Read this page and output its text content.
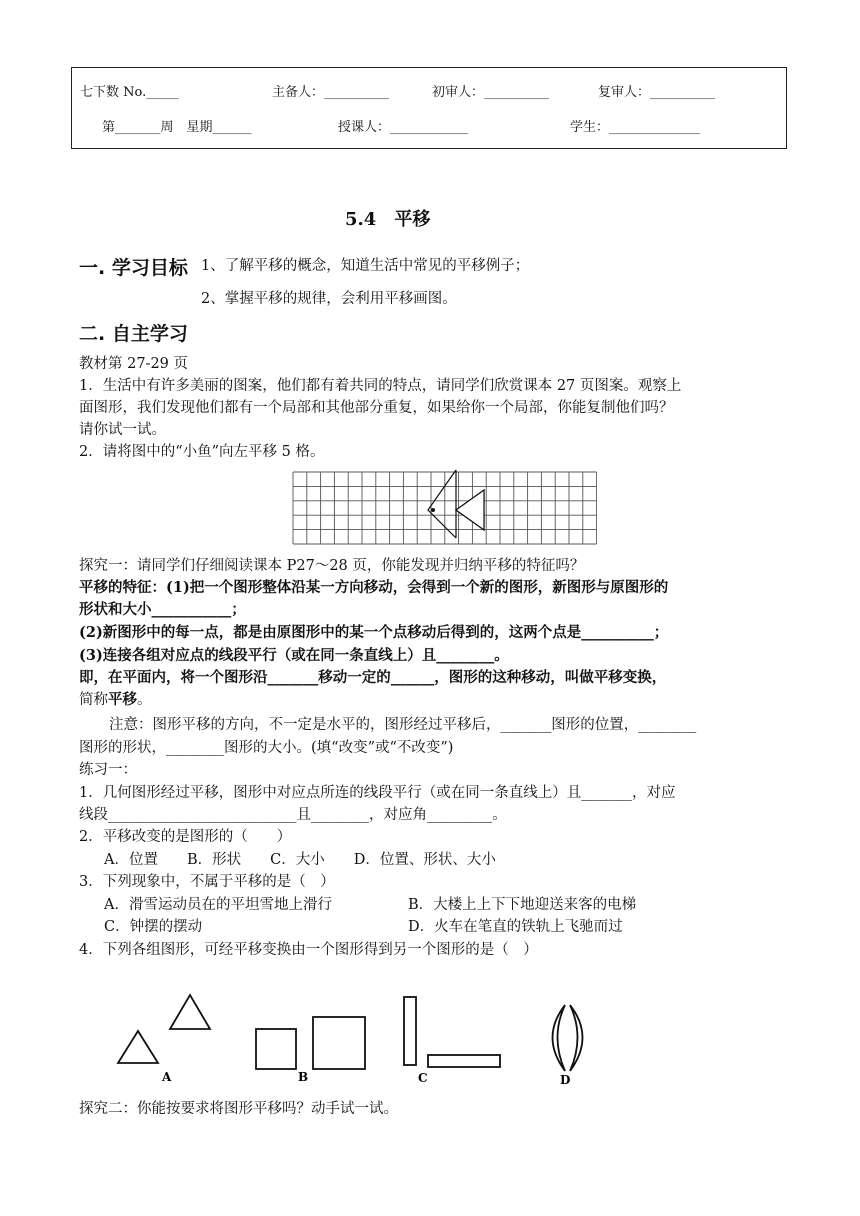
七下数 No._____	主备人：__________	初审人：__________	复审人：__________
第_______周　星期______	授课人：____________	学生：______________
5.4　平移
一. 学习目标 1、了解平移的概念，知道生活中常见的平移例子；
2、掌握平移的规律，会利用平移画图。
二. 自主学习
教材第 27-29 页
1．生活中有许多美丽的图案，他们都有着共同的特点，请同学们欣赏课本 27 页图案。观察上
面图形，我们发现他们都有一个局部和其他部分重复，如果给你一个局部，你能复制他们吗？
请你试一试。
2．请将图中的“小鱼”向左平移 5 格。
探究一：请同学们仔细阅读课本 P27～28 页，你能发现并归纳平移的特征吗？
平移的特征：(1)把一个图形整体沿某一方向移动，会得到一个新的图形，新图形与原图形的
形状和大小___________；
(2)新图形中的每一点，都是由原图形中的某一个点移动后得到的，这两个点是__________；
(3)连接各组对应点的线段平行（或在同一条直线上）且________。
即，在平面内，将一个图形沿_______移动一定的______，图形的这种移动，叫做平移变换，
简称平移。
注意：图形平移的方向，不一定是水平的，图形经过平移后，_______图形的位置，________
图形的形状，________图形的大小。(填“改变”或“不改变”)
练习一：
1．几何图形经过平移，图形中对应点所连的线段平行（或在同一条直线上）且_______，对应
线段__________________________且________，对应角_________。
2．平移改变的是图形的（　　）
A．位置　　B．形状　　C．大小　　D．位置、形状、大小
3．下列现象中，不属于平移的是（　）
A．滑雪运动员在的平坦雪地上滑行	B．大楼上上下下地迎送来客的电梯
C．钟摆的摆动	D．火车在笔直的铁轨上飞驰而过
4．下列各组图形，可经平移变换由一个图形得到另一个图形的是（　）
A	B	C	D
探究二：你能按要求将图形平移吗？动手试一试。
